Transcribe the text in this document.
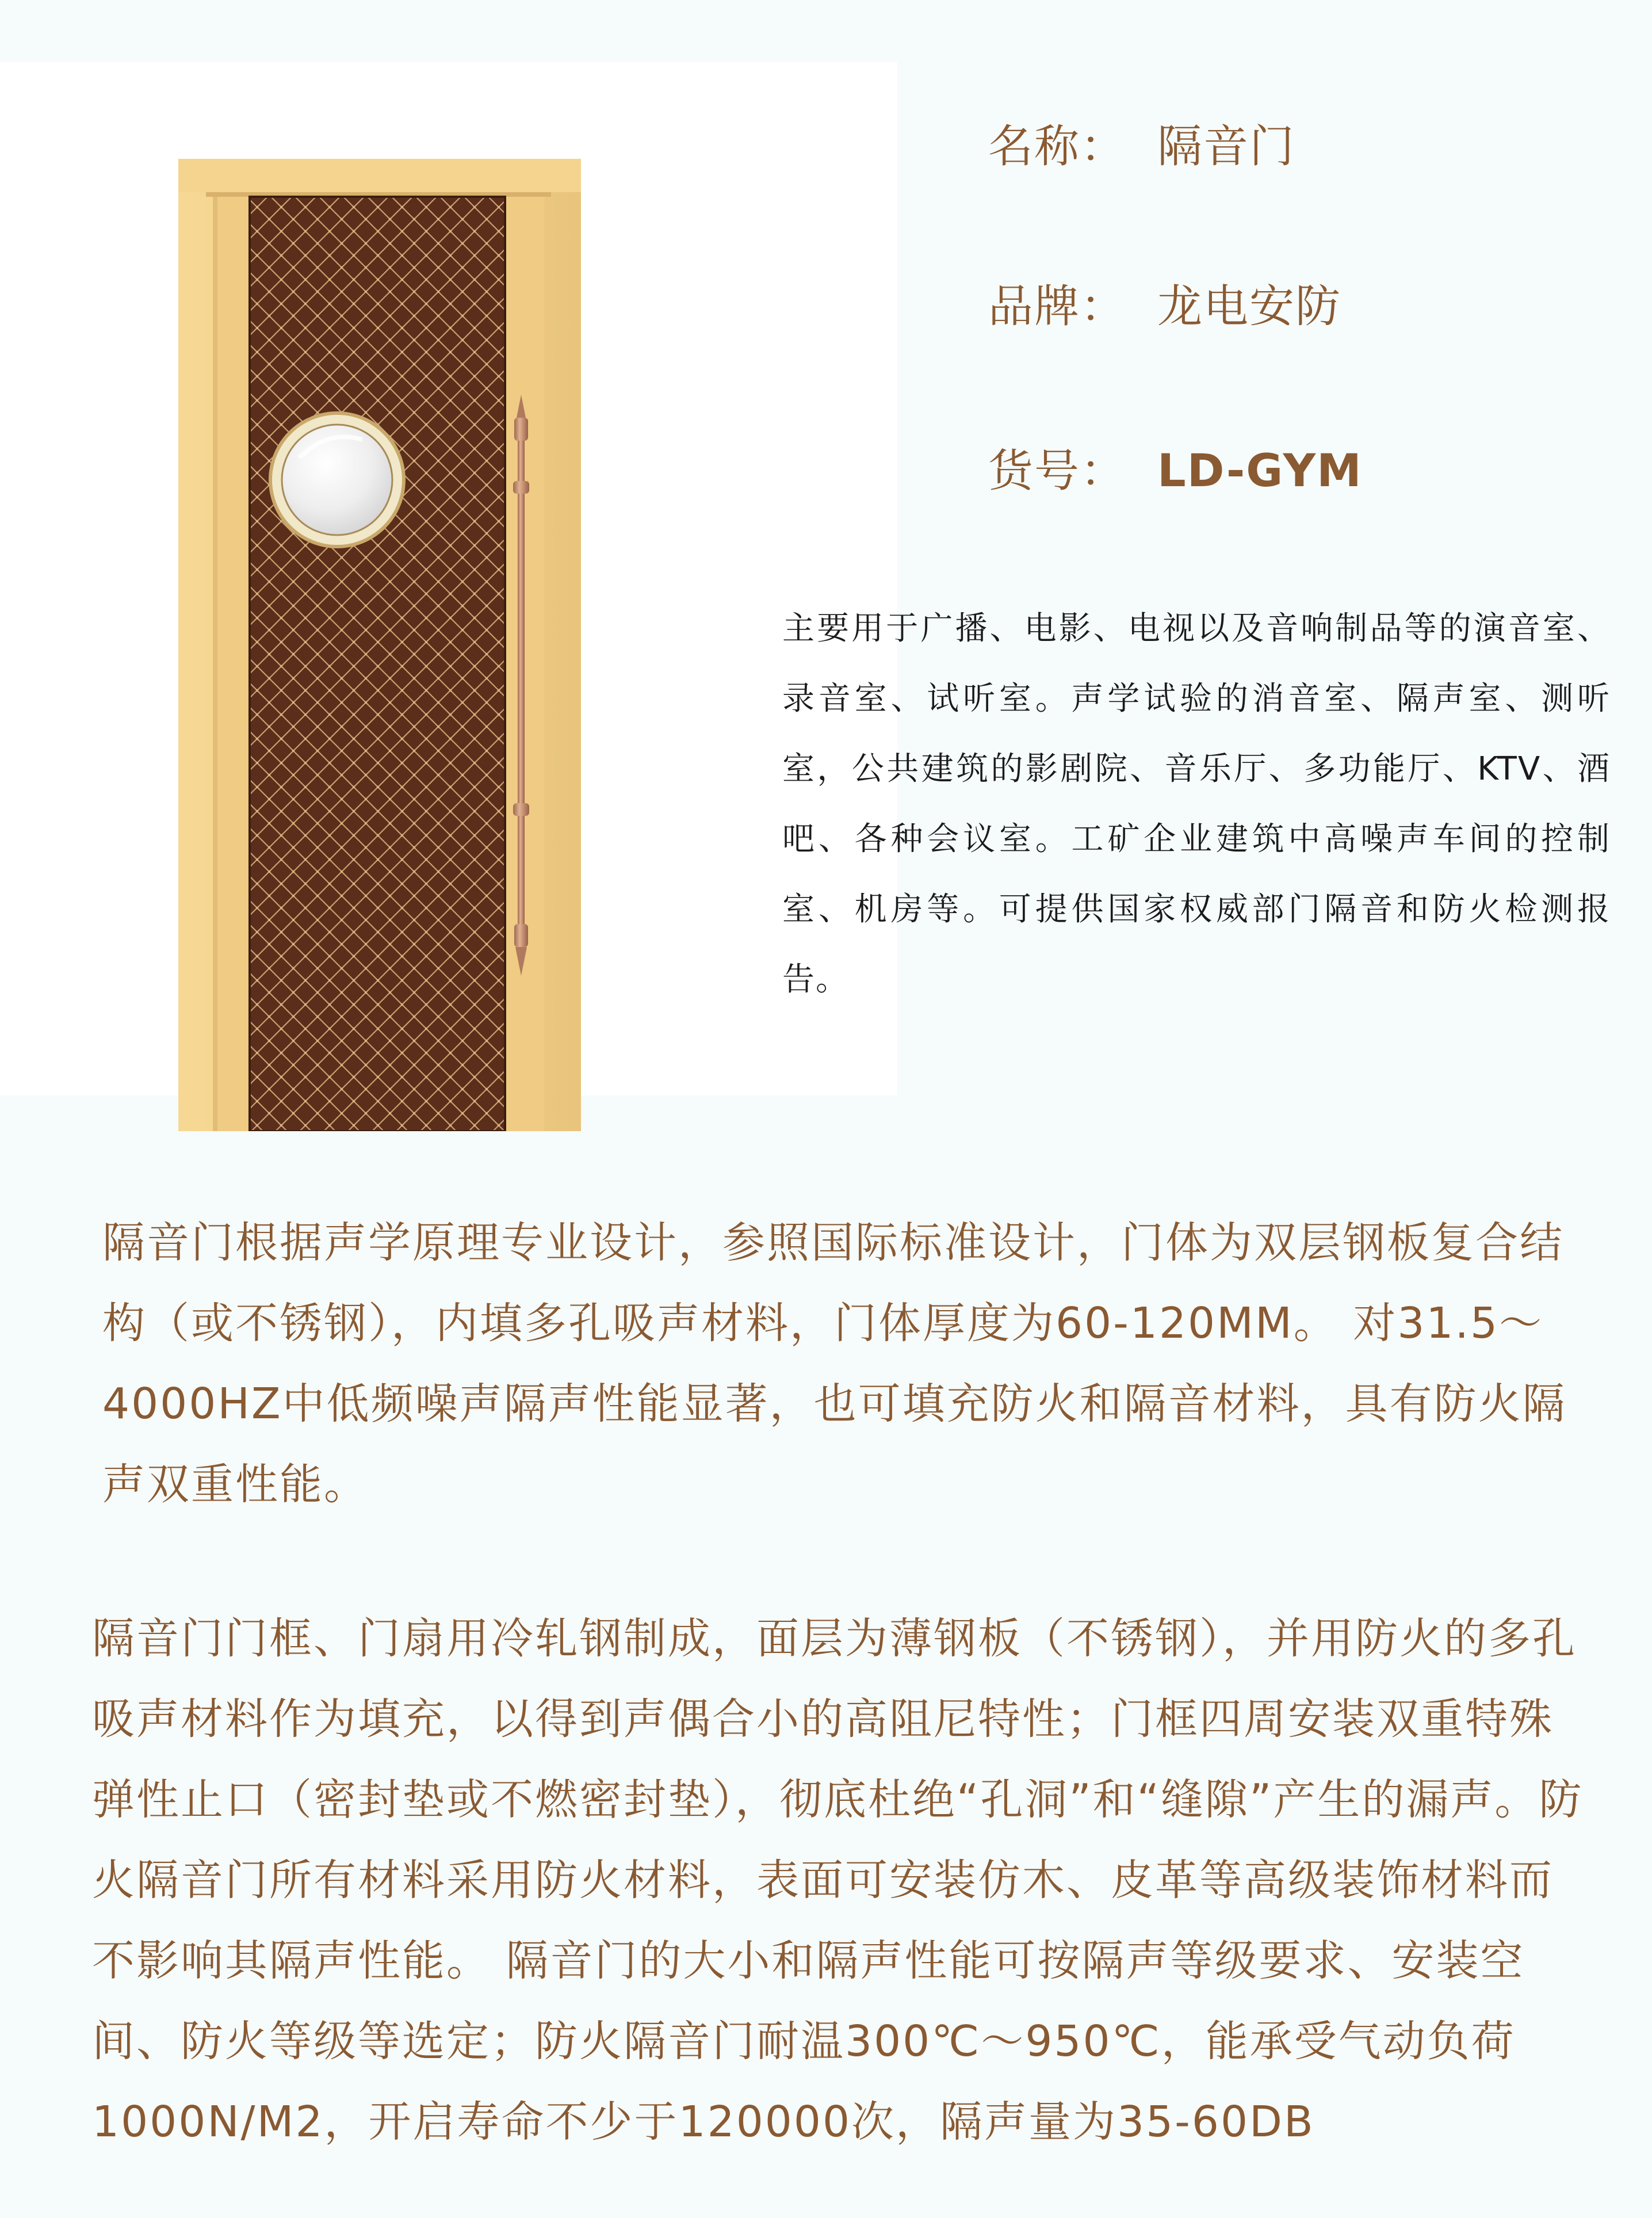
名称： 隔音门
品牌： 龙电安防
货号： LD-GYM

主要用于广播、电影、电视以及音响制品等的演音室、录音室、试听室。声学试验的消音室、隔声室、测听室，公共建筑的影剧院、音乐厅、多功能厅、KTV、酒吧、各种会议室。工矿企业建筑中高噪声车间的控制室、机房等。可提供国家权威部门隔音和防火检测报告。

隔音门根据声学原理专业设计，参照国际标准设计，门体为双层钢板复合结构（或不锈钢），内填多孔吸声材料，门体厚度为60-120MM。 对31.5～4000HZ中低频噪声隔声性能显著，也可填充防火和隔音材料，具有防火隔声双重性能。

隔音门门框、门扇用冷轧钢制成，面层为薄钢板（不锈钢），并用防火的多孔吸声材料作为填充，以得到声偶合小的高阻尼特性；门框四周安装双重特殊弹性止口（密封垫或不燃密封垫），彻底杜绝“孔洞”和“缝隙”产生的漏声。防火隔音门所有材料采用防火材料，表面可安装仿木、皮革等高级装饰材料而不影响其隔声性能。 隔音门的大小和隔声性能可按隔声等级要求、安装空间、防火等级等选定；防火隔音门耐温300℃～950℃，能承受气动负荷1000N/M2，开启寿命不少于120000次，隔声量为35-60DB
